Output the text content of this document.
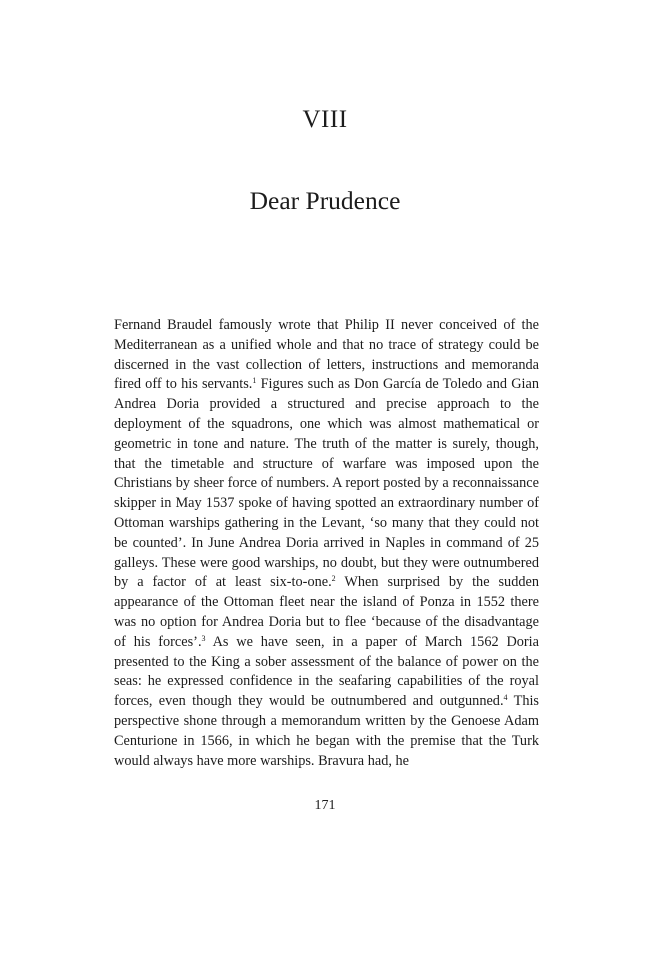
VIII
Dear Prudence

Fernand Braudel famously wrote that Philip II never conceived of the Mediterranean as a unified whole and that no trace of strategy could be discerned in the vast collection of letters, instructions and memoranda fired off to his servants.$^1$ Figures such as Don García de Toledo and Gian Andrea Doria provided a structured and precise approach to the deployment of the squadrons, one which was almost mathematical or geometric in tone and nature. The truth of the matter is surely, though, that the timetable and structure of warfare was imposed upon the Christians by sheer force of numbers. A report posted by a reconnaissance skipper in May 1537 spoke of having spotted an extraordinary number of Ottoman warships gathering in the Levant, ‘so many that they could not be counted’. In June Andrea Doria arrived in Naples in command of 25 galleys. These were good warships, no doubt, but they were outnumbered by a factor of at least six-to-one.$^2$ When surprised by the sudden appearance of the Ottoman fleet near the island of Ponza in 1552 there was no option for Andrea Doria but to flee ‘because of the disadvantage of his forces’.$^3$ As we have seen, in a paper of March 1562 Doria presented to the King a sober assessment of the balance of power on the seas: he expressed confidence in the seafaring capabilities of the royal forces, even though they would be outnumbered and outgunned.$^4$ This perspective shone through a memorandum written by the Genoese Adam Centurione in 1566, in which he began with the premise that the Turk would always have more warships. Bravura had, he

171
